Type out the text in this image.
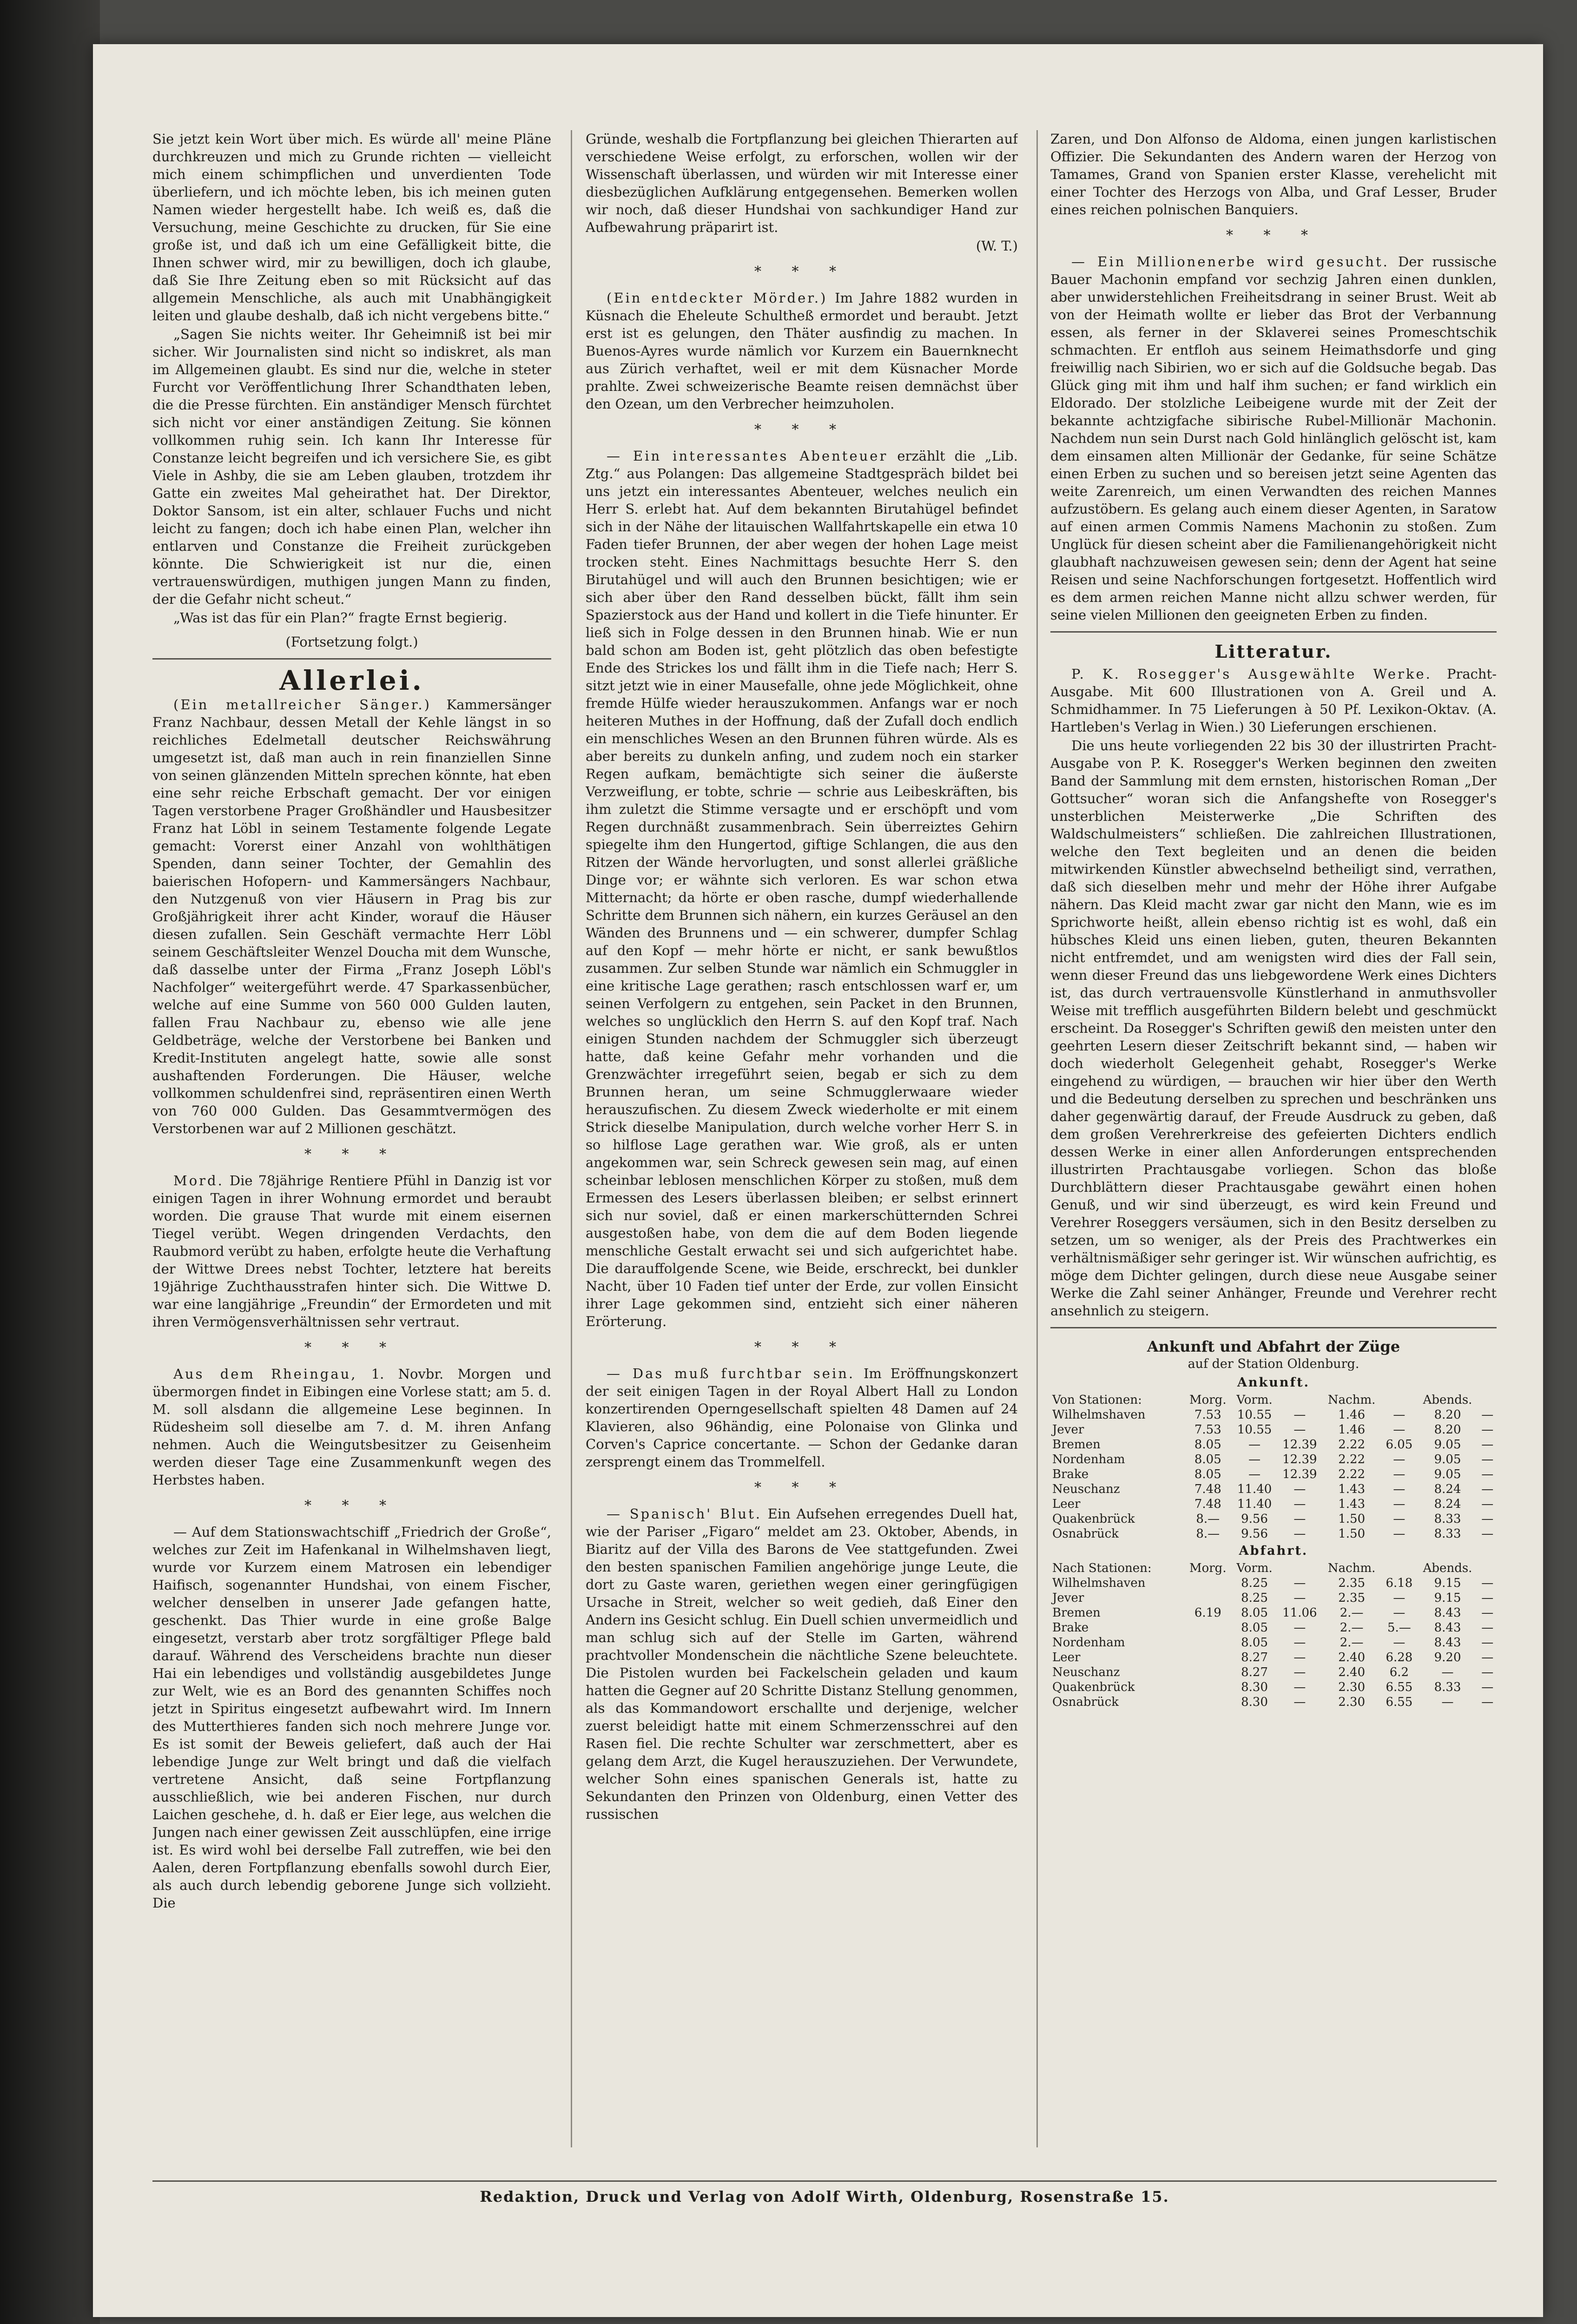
Sie jetzt kein Wort über mich. Es würde all' meine Pläne durchkreuzen und mich zu Grunde richten — vielleicht mich einem schimpflichen und unverdienten Tode überliefern, und ich möchte leben, bis ich meinen guten Namen wieder hergestellt habe. Ich weiß es, daß die Versuchung, meine Geschichte zu drucken, für Sie eine große ist, und daß ich um eine Gefälligkeit bitte, die Ihnen schwer wird, mir zu bewilligen, doch ich glaube, daß Sie Ihre Zeitung eben so mit Rücksicht auf das allgemein Menschliche, als auch mit Unabhängigkeit leiten und glaube deshalb, daß ich nicht vergebens bitte.“

„Sagen Sie nichts weiter. Ihr Geheimniß ist bei mir sicher. Wir Journalisten sind nicht so indiskret, als man im Allgemeinen glaubt. Es sind nur die, welche in steter Furcht vor Veröffentlichung Ihrer Schandthaten leben, die die Presse fürchten. Ein anständiger Mensch fürchtet sich nicht vor einer anständigen Zeitung. Sie können vollkommen ruhig sein. Ich kann Ihr Interesse für Constanze leicht begreifen und ich versichere Sie, es gibt Viele in Ashby, die sie am Leben glauben, trotzdem ihr Gatte ein zweites Mal geheirathet hat. Der Direktor, Doktor Sansom, ist ein alter, schlauer Fuchs und nicht leicht zu fangen; doch ich habe einen Plan, welcher ihn entlarven und Constanze die Freiheit zurückgeben könnte. Die Schwierigkeit ist nur die, einen vertrauenswürdigen, muthigen jungen Mann zu finden, der die Gefahr nicht scheut.“

„Was ist das für ein Plan?“ fragte Ernst begierig.

(Fortsetzung folgt.)
Allerlei.

(Ein metallreicher Sänger.) Kammersänger Franz Nachbaur, dessen Metall der Kehle längst in so reichliches Edelmetall deutscher Reichswährung umgesetzt ist, daß man auch in rein finanziellen Sinne von seinen glänzenden Mitteln sprechen könnte, hat eben eine sehr reiche Erbschaft gemacht. Der vor einigen Tagen verstorbene Prager Großhändler und Hausbesitzer Franz hat Löbl in seinem Testamente folgende Legate gemacht: Vorerst einer Anzahl von wohlthätigen Spenden, dann seiner Tochter, der Gemahlin des baierischen Hofopern- und Kammersängers Nachbaur, den Nutzgenuß von vier Häusern in Prag bis zur Großjährigkeit ihrer acht Kinder, worauf die Häuser diesen zufallen. Sein Geschäft vermachte Herr Löbl seinem Geschäftsleiter Wenzel Doucha mit dem Wunsche, daß dasselbe unter der Firma „Franz Joseph Löbl's Nachfolger“ weitergeführt werde. 47 Sparkassenbücher, welche auf eine Summe von 560 000 Gulden lauten, fallen Frau Nachbaur zu, ebenso wie alle jene Geldbeträge, welche der Verstorbene bei Banken und Kredit-Instituten angelegt hatte, sowie alle sonst aushaftenden Forderungen. Die Häuser, welche vollkommen schuldenfrei sind, repräsentiren einen Werth von 760 000 Gulden. Das Gesammtvermögen des Verstorbenen war auf 2 Millionen geschätzt.

* * *

Mord. Die 78jährige Rentiere Pfühl in Danzig ist vor einigen Tagen in ihrer Wohnung ermordet und beraubt worden. Die grause That wurde mit einem eisernen Tiegel verübt. Wegen dringenden Verdachts, den Raubmord verübt zu haben, erfolgte heute die Verhaftung der Wittwe Drees nebst Tochter, letztere hat bereits 19jährige Zuchthausstrafen hinter sich. Die Wittwe D. war eine langjährige „Freundin“ der Ermordeten und mit ihren Vermögensverhältnissen sehr vertraut.

* * *

Aus dem Rheingau, 1. Novbr. Morgen und übermorgen findet in Eibingen eine Vorlese statt; am 5. d. M. soll alsdann die allgemeine Lese beginnen. In Rüdesheim soll dieselbe am 7. d. M. ihren Anfang nehmen. Auch die Weingutsbesitzer zu Geisenheim werden dieser Tage eine Zusammenkunft wegen des Herbstes haben.

* * *

— Auf dem Stationswachtschiff „Friedrich der Große“, welches zur Zeit im Hafenkanal in Wilhelmshaven liegt, wurde vor Kurzem einem Matrosen ein lebendiger Haifisch, sogenannter Hundshai, von einem Fischer, welcher denselben in unserer Jade gefangen hatte, geschenkt. Das Thier wurde in eine große Balge eingesetzt, verstarb aber trotz sorgfältiger Pflege bald darauf. Während des Verscheidens brachte nun dieser Hai ein lebendiges und vollständig ausgebildetes Junge zur Welt, wie es an Bord des genannten Schiffes noch jetzt in Spiritus eingesetzt aufbewahrt wird. Im Innern des Mutterthieres fanden sich noch mehrere Junge vor. Es ist somit der Beweis geliefert, daß auch der Hai lebendige Junge zur Welt bringt und daß die vielfach vertretene Ansicht, daß seine Fortpflanzung ausschließlich, wie bei anderen Fischen, nur durch Laichen geschehe, d. h. daß er Eier lege, aus welchen die Jungen nach einer gewissen Zeit ausschlüpfen, eine irrige ist. Es wird wohl bei derselbe Fall zutreffen, wie bei den Aalen, deren Fortpflanzung ebenfalls sowohl durch Eier, als auch durch lebendig geborene Junge sich vollzieht. Die

Gründe, weshalb die Fortpflanzung bei gleichen Thierarten auf verschiedene Weise erfolgt, zu erforschen, wollen wir der Wissenschaft überlassen, und würden wir mit Interesse einer diesbezüglichen Aufklärung entgegensehen. Bemerken wollen wir noch, daß dieser Hundshai von sachkundiger Hand zur Aufbewahrung präparirt ist.

(W. T.)
* * *

(Ein entdeckter Mörder.) Im Jahre 1882 wurden in Küsnach die Eheleute Schultheß ermordet und beraubt. Jetzt erst ist es gelungen, den Thäter ausfindig zu machen. In Buenos-Ayres wurde nämlich vor Kurzem ein Bauernknecht aus Zürich verhaftet, weil er mit dem Küsnacher Morde prahlte. Zwei schweizerische Beamte reisen demnächst über den Ozean, um den Verbrecher heimzuholen.

* * *

— Ein interessantes Abenteuer erzählt die „Lib. Ztg.“ aus Polangen: Das allgemeine Stadtgespräch bildet bei uns jetzt ein interessantes Abenteuer, welches neulich ein Herr S. erlebt hat. Auf dem bekannten Birutahügel befindet sich in der Nähe der litauischen Wallfahrtskapelle ein etwa 10 Faden tiefer Brunnen, der aber wegen der hohen Lage meist trocken steht. Eines Nachmittags besuchte Herr S. den Birutahügel und will auch den Brunnen besichtigen; wie er sich aber über den Rand desselben bückt, fällt ihm sein Spazierstock aus der Hand und kollert in die Tiefe hinunter. Er ließ sich in Folge dessen in den Brunnen hinab. Wie er nun bald schon am Boden ist, geht plötzlich das oben befestigte Ende des Strickes los und fällt ihm in die Tiefe nach; Herr S. sitzt jetzt wie in einer Mausefalle, ohne jede Möglichkeit, ohne fremde Hülfe wieder herauszukommen. Anfangs war er noch heiteren Muthes in der Hoffnung, daß der Zufall doch endlich ein menschliches Wesen an den Brunnen führen würde. Als es aber bereits zu dunkeln anfing, und zudem noch ein starker Regen aufkam, bemächtigte sich seiner die äußerste Verzweiflung, er tobte, schrie — schrie aus Leibeskräften, bis ihm zuletzt die Stimme versagte und er erschöpft und vom Regen durchnäßt zusammenbrach. Sein überreiztes Gehirn spiegelte ihm den Hungertod, giftige Schlangen, die aus den Ritzen der Wände hervorlugten, und sonst allerlei gräßliche Dinge vor; er wähnte sich verloren. Es war schon etwa Mitternacht; da hörte er oben rasche, dumpf wiederhallende Schritte dem Brunnen sich nähern, ein kurzes Geräusel an den Wänden des Brunnens und — ein schwerer, dumpfer Schlag auf den Kopf — mehr hörte er nicht, er sank bewußtlos zusammen. Zur selben Stunde war nämlich ein Schmuggler in eine kritische Lage gerathen; rasch entschlossen warf er, um seinen Verfolgern zu entgehen, sein Packet in den Brunnen, welches so unglücklich den Herrn S. auf den Kopf traf. Nach einigen Stunden nachdem der Schmuggler sich überzeugt hatte, daß keine Gefahr mehr vorhanden und die Grenzwächter irregeführt seien, begab er sich zu dem Brunnen heran, um seine Schmugglerwaare wieder herauszufischen. Zu diesem Zweck wiederholte er mit einem Strick dieselbe Manipulation, durch welche vorher Herr S. in so hilflose Lage gerathen war. Wie groß, als er unten angekommen war, sein Schreck gewesen sein mag, auf einen scheinbar leblosen menschlichen Körper zu stoßen, muß dem Ermessen des Lesers überlassen bleiben; er selbst erinnert sich nur soviel, daß er einen markerschütternden Schrei ausgestoßen habe, von dem die auf dem Boden liegende menschliche Gestalt erwacht sei und sich aufgerichtet habe. Die darauffolgende Scene, wie Beide, erschreckt, bei dunkler Nacht, über 10 Faden tief unter der Erde, zur vollen Einsicht ihrer Lage gekommen sind, entzieht sich einer näheren Erörterung.

* * *

— Das muß furchtbar sein. Im Eröffnungskonzert der seit einigen Tagen in der Royal Albert Hall zu London konzertirenden Operngesellschaft spielten 48 Damen auf 24 Klavieren, also 96händig, eine Polonaise von Glinka und Corven's Caprice concertante. — Schon der Gedanke daran zersprengt einem das Trommelfell.

* * *

— Spanisch' Blut. Ein Aufsehen erregendes Duell hat, wie der Pariser „Figaro“ meldet am 23. Oktober, Abends, in Biaritz auf der Villa des Barons de Vee stattgefunden. Zwei den besten spanischen Familien angehörige junge Leute, die dort zu Gaste waren, geriethen wegen einer geringfügigen Ursache in Streit, welcher so weit gedieh, daß Einer den Andern ins Gesicht schlug. Ein Duell schien unvermeidlich und man schlug sich auf der Stelle im Garten, während prachtvoller Mondenschein die nächtliche Szene beleuchtete. Die Pistolen wurden bei Fackelschein geladen und kaum hatten die Gegner auf 20 Schritte Distanz Stellung genommen, als das Kommandowort erschallte und derjenige, welcher zuerst beleidigt hatte mit einem Schmerzensschrei auf den Rasen fiel. Die rechte Schulter war zerschmettert, aber es gelang dem Arzt, die Kugel herauszuziehen. Der Verwundete, welcher Sohn eines spanischen Generals ist, hatte zu Sekundanten den Prinzen von Oldenburg, einen Vetter des russischen

Zaren, und Don Alfonso de Aldoma, einen jungen karlistischen Offizier. Die Sekundanten des Andern waren der Herzog von Tamames, Grand von Spanien erster Klasse, verehelicht mit einer Tochter des Herzogs von Alba, und Graf Lesser, Bruder eines reichen polnischen Banquiers.

* * *

— Ein Millionenerbe wird gesucht. Der russische Bauer Machonin empfand vor sechzig Jahren einen dunklen, aber unwiderstehlichen Freiheitsdrang in seiner Brust. Weit ab von der Heimath wollte er lieber das Brot der Verbannung essen, als ferner in der Sklaverei seines Promeschtschik schmachten. Er entfloh aus seinem Heimathsdorfe und ging freiwillig nach Sibirien, wo er sich auf die Goldsuche begab. Das Glück ging mit ihm und half ihm suchen; er fand wirklich ein Eldorado. Der stolzliche Leibeigene wurde mit der Zeit der bekannte achtzigfache sibirische Rubel-Millionär Machonin. Nachdem nun sein Durst nach Gold hinlänglich gelöscht ist, kam dem einsamen alten Millionär der Gedanke, für seine Schätze einen Erben zu suchen und so bereisen jetzt seine Agenten das weite Zarenreich, um einen Verwandten des reichen Mannes aufzustöbern. Es gelang auch einem dieser Agenten, in Saratow auf einen armen Commis Namens Machonin zu stoßen. Zum Unglück für diesen scheint aber die Familienangehörigkeit nicht glaubhaft nachzuweisen gewesen sein; denn der Agent hat seine Reisen und seine Nachforschungen fortgesetzt. Hoffentlich wird es dem armen reichen Manne nicht allzu schwer werden, für seine vielen Millionen den geeigneten Erben zu finden.

Litteratur.

P. K. Rosegger's Ausgewählte Werke. Pracht-Ausgabe. Mit 600 Illustrationen von A. Greil und A. Schmidhammer. In 75 Lieferungen à 50 Pf. Lexikon-Oktav. (A. Hartleben's Verlag in Wien.) 30 Lieferungen erschienen.

Die uns heute vorliegenden 22 bis 30 der illustrirten Pracht-Ausgabe von P. K. Rosegger's Werken beginnen den zweiten Band der Sammlung mit dem ernsten, historischen Roman „Der Gottsucher“ woran sich die Anfangshefte von Rosegger's unsterblichen Meisterwerke „Die Schriften des Waldschulmeisters“ schließen. Die zahlreichen Illustrationen, welche den Text begleiten und an denen die beiden mitwirkenden Künstler abwechselnd betheiligt sind, verrathen, daß sich dieselben mehr und mehr der Höhe ihrer Aufgabe nähern. Das Kleid macht zwar gar nicht den Mann, wie es im Sprichworte heißt, allein ebenso richtig ist es wohl, daß ein hübsches Kleid uns einen lieben, guten, theuren Bekannten nicht entfremdet, und am wenigsten wird dies der Fall sein, wenn dieser Freund das uns liebgewordene Werk eines Dichters ist, das durch vertrauensvolle Künstlerhand in anmuthsvoller Weise mit trefflich ausgeführten Bildern belebt und geschmückt erscheint. Da Rosegger's Schriften gewiß den meisten unter den geehrten Lesern dieser Zeitschrift bekannt sind, — haben wir doch wiederholt Gelegenheit gehabt, Rosegger's Werke eingehend zu würdigen, — brauchen wir hier über den Werth und die Bedeutung derselben zu sprechen und beschränken uns daher gegenwärtig darauf, der Freude Ausdruck zu geben, daß dem großen Verehrerkreise des gefeierten Dichters endlich dessen Werke in einer allen Anforderungen entsprechenden illustrirten Prachtausgabe vorliegen. Schon das bloße Durchblättern dieser Prachtausgabe gewährt einen hohen Genuß, und wir sind überzeugt, es wird kein Freund und Verehrer Roseggers versäumen, sich in den Besitz derselben zu setzen, um so weniger, als der Preis des Prachtwerkes ein verhältnismäßiger sehr geringer ist. Wir wünschen aufrichtig, es möge dem Dichter gelingen, durch diese neue Ausgabe seiner Werke die Zahl seiner Anhänger, Freunde und Verehrer recht ansehnlich zu steigern.

Ankunft und Abfahrt der Züge
auf der Station Oldenburg.
Ankunft.
Von Stationen:	Morg.	Vorm.		Nachm.		Abends.	
Wilhelmshaven	7.53	10.55	—	1.46	—	8.20	—
Jever	7.53	10.55	—	1.46	—	8.20	—
Bremen	8.05	—	12.39	2.22	6.05	9.05	—
Nordenham	8.05	—	12.39	2.22	—	9.05	—
Brake	8.05	—	12.39	2.22	—	9.05	—
Neuschanz	7.48	11.40	—	1.43	—	8.24	—
Leer	7.48	11.40	—	1.43	—	8.24	—
Quakenbrück	8.—	9.56	—	1.50	—	8.33	—
Osnabrück	8.—	9.56	—	1.50	—	8.33	—
Abfahrt.
Nach Stationen:	Morg.	Vorm.		Nachm.		Abends.	
Wilhelmshaven		8.25	—	2.35	6.18	9.15	—
Jever		8.25	—	2.35	—	9.15	—
Bremen	6.19	8.05	11.06	2.—	—	8.43	—
Brake		8.05	—	2.—	5.—	8.43	—
Nordenham		8.05	—	2.—	—	8.43	—
Leer		8.27	—	2.40	6.28	9.20	—
Neuschanz		8.27	—	2.40	6.2	—	—
Quakenbrück		8.30	—	2.30	6.55	8.33	—
Osnabrück		8.30	—	2.30	6.55	—	—
Redaktion, Druck und Verlag von Adolf Wirth, Oldenburg, Rosenstraße 15.
